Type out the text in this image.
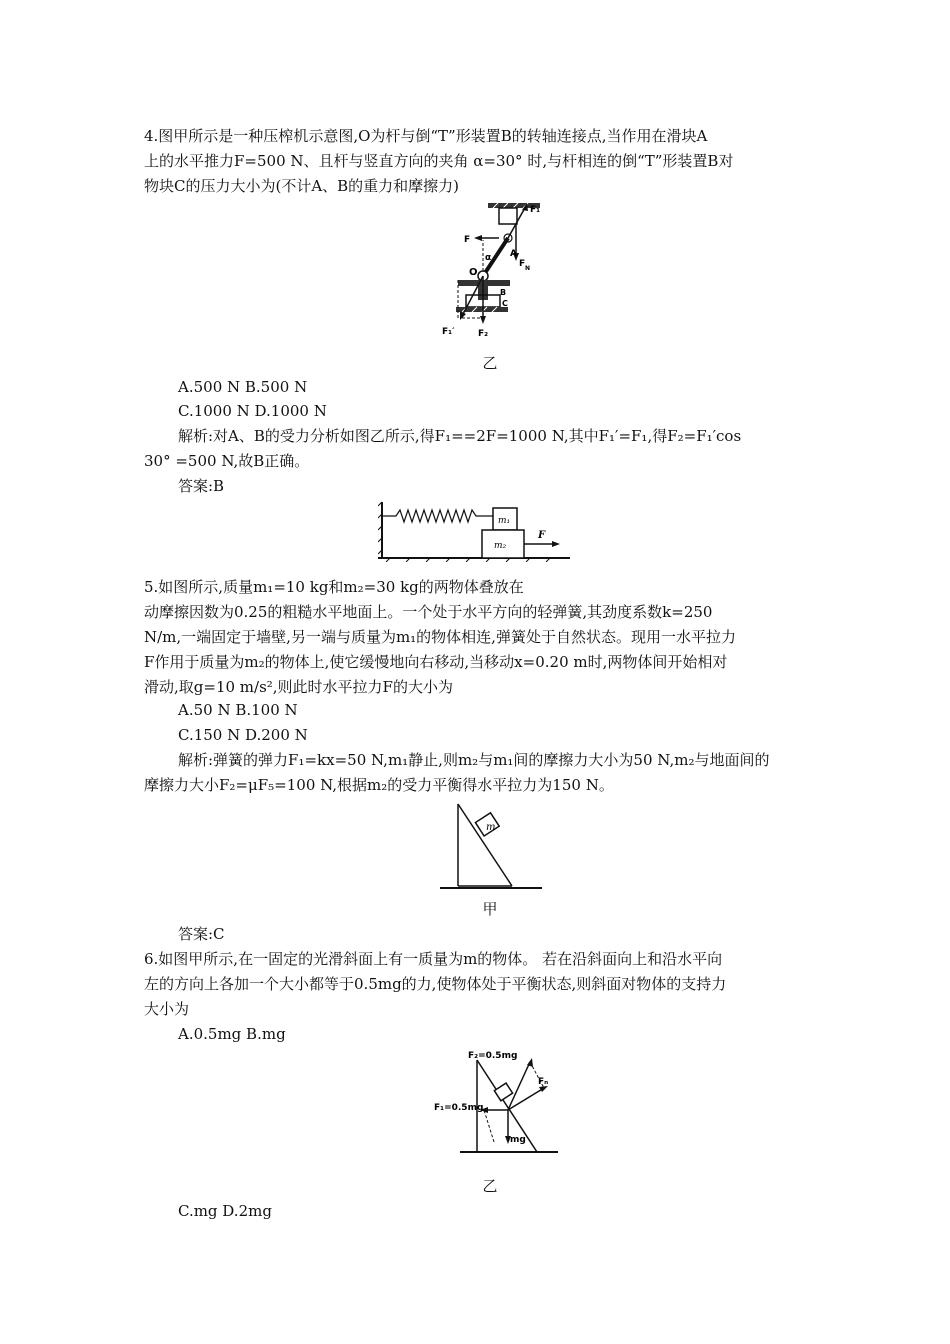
4.图甲所示是一种压榨机示意图,O为杆与倒“T”形装置B的转轴连接点,当作用在滑块A
上的水平推力F=500 N、且杆与竖直方向的夹角 α=30° 时,与杆相连的倒“T”形装置B对
物块C的压力大小为(不计A、B的重力和摩擦力)
F₁
F
A
F N
α
O
B
C
F₁′	F₂
乙
A.500 N B.500 N
C.1000 N D.1000 N
解析:对A、B的受力分析如图乙所示,得F₁==2F=1000 N,其中F₁′=F₁,得F₂=F₁′cos
30° =500 N,故B正确。
答案:B
m₁
m₂
F
5.如图所示,质量m₁=10 kg和m₂=30 kg的两物体叠放在
动摩擦因数为0.25的粗糙水平地面上。一个处于水平方向的轻弹簧,其劲度系数k=250
N/m,一端固定于墙壁,另一端与质量为m₁的物体相连,弹簧处于自然状态。现用一水平拉力
F作用于质量为m₂的物体上,使它缓慢地向右移动,当移动x=0.20 m时,两物体间开始相对
滑动,取g=10 m/s²,则此时水平拉力F的大小为
A.50 N B.100 N
C.150 N D.200 N
解析:弹簧的弹力F₁=kx=50 N,m₁静止,则m₂与m₁间的摩擦力大小为50 N,m₂与地面间的
摩擦力大小F₂=μF₅=100 N,根据m₂的受力平衡得水平拉力为150 N。
m
甲
答案:C
6.如图甲所示,在一固定的光滑斜面上有一质量为m的物体。 若在沿斜面向上和沿水平向
左的方向上各加一个大小都等于0.5mg的力,使物体处于平衡状态,则斜面对物体的支持力
大小为
A.0.5mg B.mg
F₂=0.5mg
F₁=0.5mg
Fₙ
mg
乙
C.mg D.2mg
